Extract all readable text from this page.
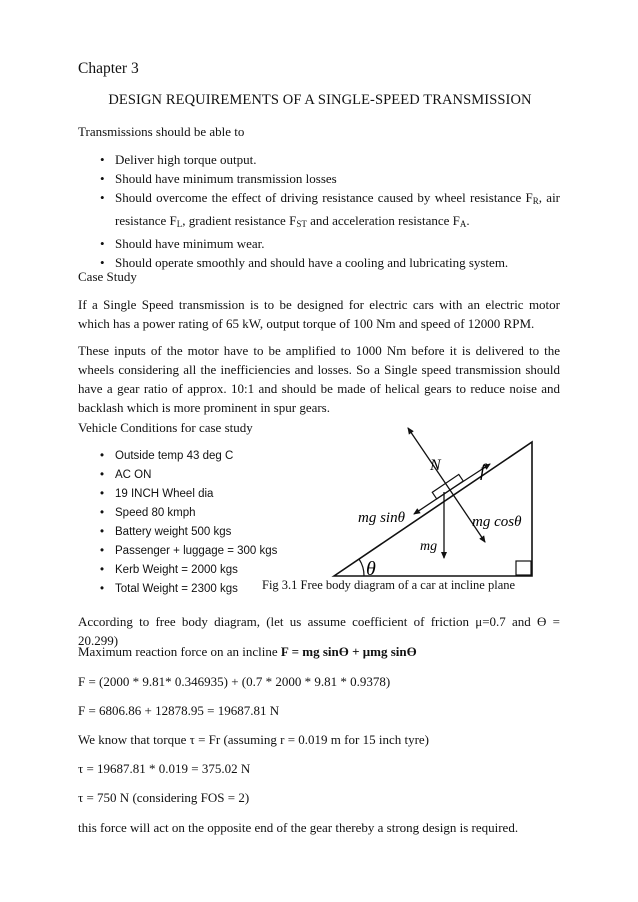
Chapter 3

DESIGN REQUIREMENTS OF A SINGLE-SPEED TRANSMISSION

Transmissions should be able to

• Deliver high torque output.
• Should have minimum transmission losses
• Should overcome the effect of driving resistance caused by wheel resistance $F_R$, air resistance $F_L$, gradient resistance $F_{ST}$ and acceleration resistance $F_A$.
• Should have minimum wear.
• Should operate smoothly and should have a cooling and lubricating system.

Case Study

If a Single Speed transmission is to be designed for electric cars with an electric motor which has a power rating of 65 kW, output torque of 100 Nm and speed of 12000 RPM.

These inputs of the motor have to be amplified to 1000 Nm before it is delivered to the wheels considering all the inefficiencies and losses. So a Single speed transmission should have a gear ratio of approx. 10:1 and should be made of helical gears to reduce noise and backlash which is more prominent in spur gears.

Vehicle Conditions for case study

• Outside temp 43 deg C
• AC ON
• 19 INCH Wheel dia
• Speed 80 kmph
• Battery weight 500 kgs
• Passenger + luggage = 300 kgs
• Kerb Weight = 2000 kgs
• Total Weight = 2300 kgs
N f
mg sinθ	mg cosθ
mg
θ

Fig 3.1 Free body diagram of a car at incline plane

According to free body diagram, (let us assume coefficient of friction μ=0.7 and Ө = 20.299)

Maximum reaction force on an incline F = mg sinӨ + μmg sinӨ

F = (2000 * 9.81* 0.346935) + (0.7 * 2000 * 9.81 * 0.9378)

F = 6806.86 + 12878.95 = 19687.81 N

We know that torque τ = Fr (assuming r = 0.019 m for 15 inch tyre)

τ = 19687.81 * 0.019 = 375.02 N

τ = 750 N (considering FOS = 2)

this force will act on the opposite end of the gear thereby a strong design is required.
